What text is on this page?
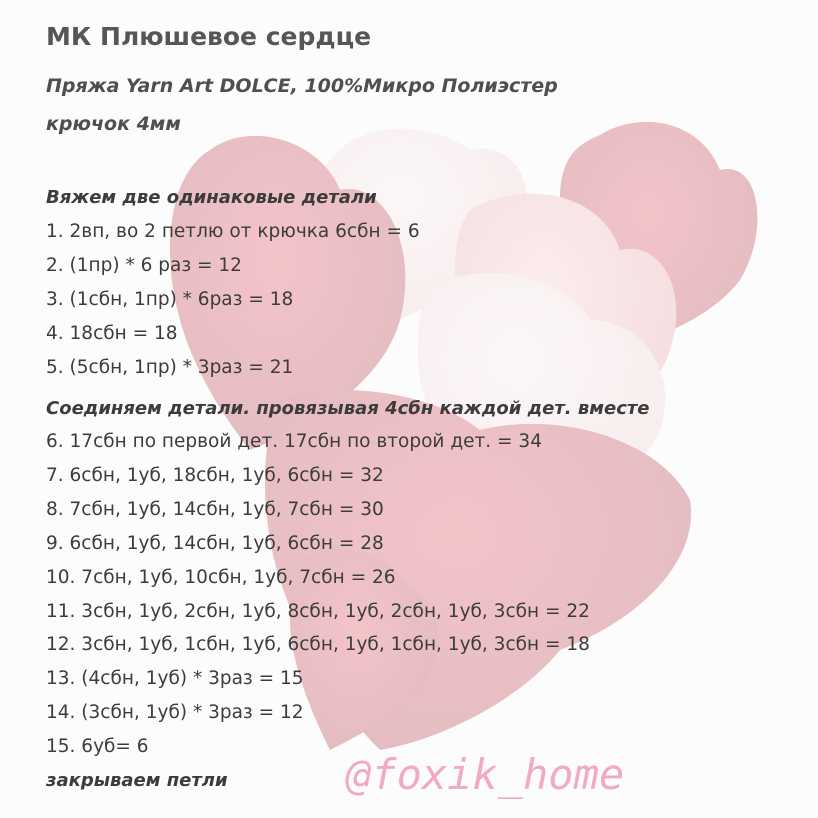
МК Плюшевое сердце
Пряжа Yarn Art DOLCE, 100%Микро Полиэстер
крючок 4мм
Вяжем две одинаковые детали
1. 2вп, во 2 петлю от крючка 6сбн = 6
2. (1пр) * 6 раз = 12
3. (1сбн, 1пр) * 6раз = 18
4. 18сбн = 18
5. (5сбн, 1пр) * 3раз = 21
Соединяем детали. провязывая 4сбн каждой дет. вместе
6. 17сбн по первой дет. 17сбн по второй дет. = 34
7. 6сбн, 1уб, 18сбн, 1уб, 6сбн = 32
8. 7сбн, 1уб, 14сбн, 1уб, 7сбн = 30
9. 6сбн, 1уб, 14сбн, 1уб, 6сбн = 28
10. 7сбн, 1уб, 10сбн, 1уб, 7сбн = 26
11. 3сбн, 1уб, 2сбн, 1уб, 8сбн, 1уб, 2сбн, 1уб, 3сбн = 22
12. 3сбн, 1уб, 1сбн, 1уб, 6сбн, 1уб, 1сбн, 1уб, 3сбн = 18
13. (4сбн, 1уб) * 3раз = 15
14. (3сбн, 1уб) * 3раз = 12
15. 6уб= 6
закрываем петли	@foxik_home
